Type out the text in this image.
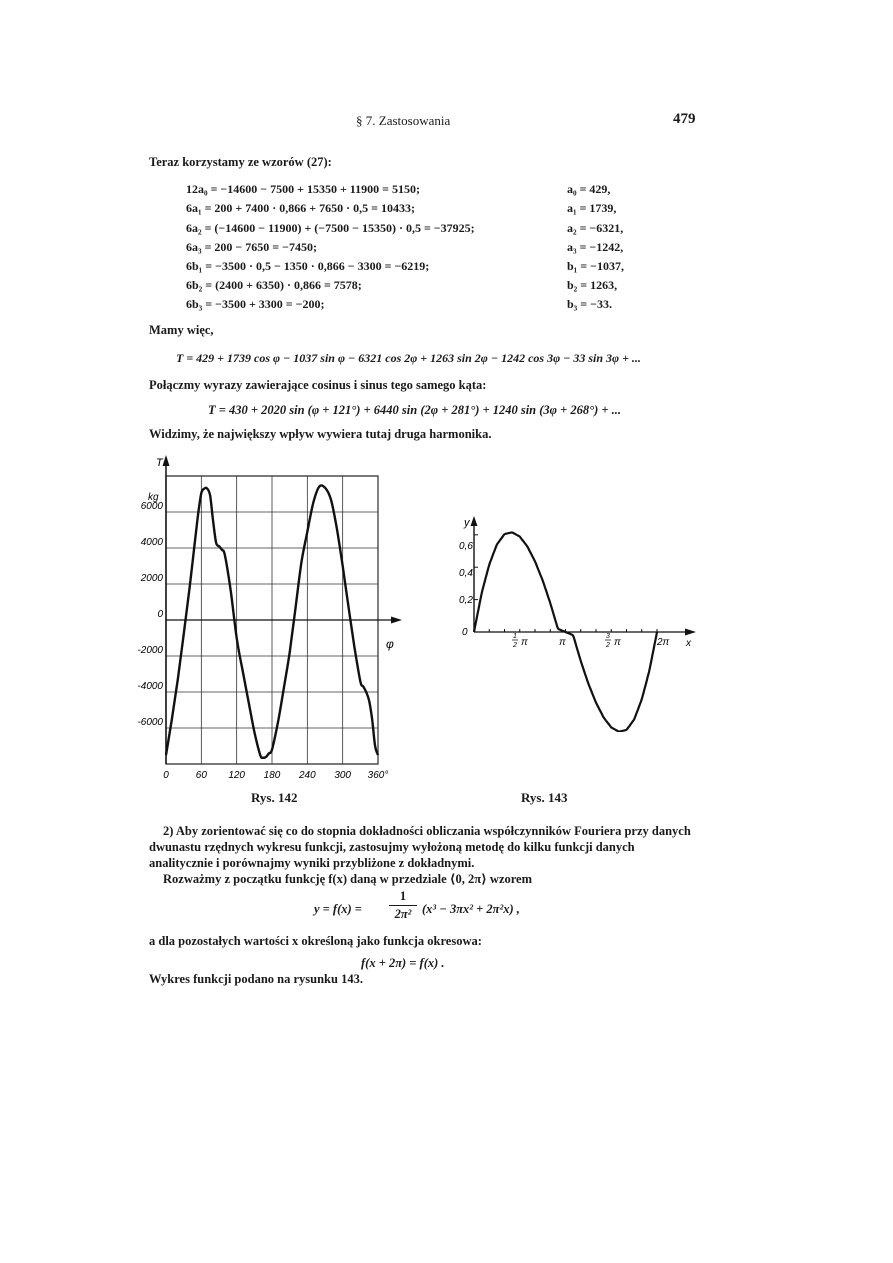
§ 7. Zastosowania	479
Teraz korzystamy ze wzorów (27):
12a₀ = −14600 − 7500 + 15350 + 11900 = 5150;	a₀ = 429,
6a₁ = 200 + 7400 · 0,866 + 7650 · 0,5 = 10433;	a₁ = 1739,
6a₂ = (−14600 − 11900) + (−7500 − 15350) · 0,5 = −37925;	a₂ = −6321,
6a₃ = 200 − 7650 = −7450;	a₃ = −1242,
6b₁ = −3500 · 0,5 − 1350 · 0,866 − 3300 = −6219;	b₁ = −1037,
6b₂ = (2400 + 6350) · 0,866 = 7578;	b₂ = 1263,
6b₃ = −3500 + 3300 = −200;	b₃ = −33.
Mamy więc,
T = 429 + 1739 cos φ − 1037 sin φ − 6321 cos 2φ + 1263 sin 2φ − 1242 cos 3φ − 33 sin 3φ + ...
Połączmy wyrazy zawierające cosinus i sinus tego samego kąta:
T = 430 + 2020 sin (φ + 121°) + 6440 sin (2φ + 281°) + 1240 sin (3φ + 268°) + ...
Widzimy, że największy wpływ wywiera tutaj druga harmonika.
6000
4000
2000
0
-2000
-4000
-6000
0	60 120 180 240 300 360°
T
kg
φ
Rys. 142
0,6
0,4
0,2
0	1
2 π	π
3
2 π	2π
y
x
Rys. 143
2) Aby zorientować się co do stopnia dokładności obliczania współczynników Fouriera przy danych dwunastu rzędnych wykresu funkcji, zastosujmy wyłożoną metodę do kilku funkcji danych analitycznie i porównajmy wyniki przybliżone z dokładnymi.
Rozważmy z początku funkcję f(x) daną w przedziale ⟨0, 2π⟩ wzorem
y = f(x) =
1
2π² (x³ − 3πx² + 2π²x) ,
a dla pozostałych wartości x określoną jako funkcja okresowa:
f(x + 2π) = f(x) .
Wykres funkcji podano na rysunku 143.
